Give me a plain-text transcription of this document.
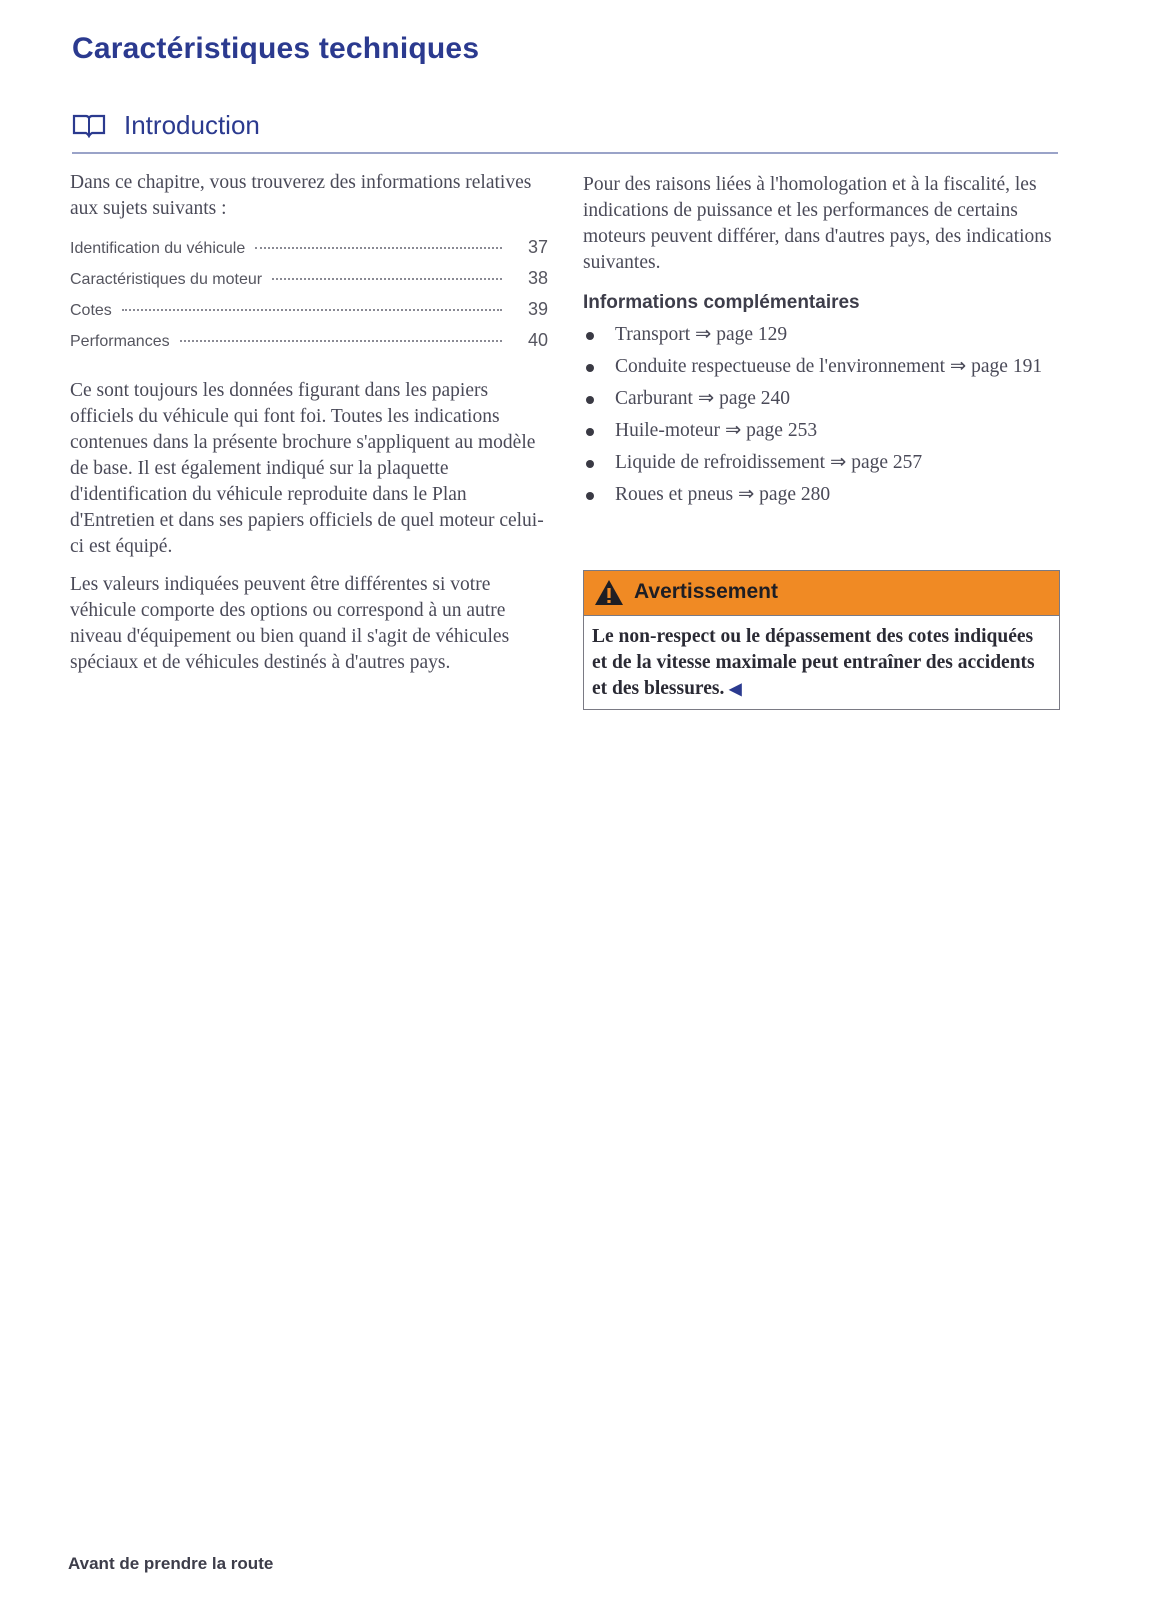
Caractéristiques techniques
Introduction

Dans ce chapitre, vous trouverez des informations relatives aux sujets suivants :

Identification du véhicule	37
Caractéristiques du moteur	38
Cotes	39
Performances	40

Ce sont toujours les données figurant dans les papiers officiels du véhicule qui font foi. Toutes les indications contenues dans la présente brochure s'appliquent au modèle de base. Il est également indiqué sur la plaquette d'identification du véhicule reproduite dans le Plan d'Entretien et dans ses papiers officiels de quel moteur celui-ci est équipé.

Les valeurs indiquées peuvent être différentes si votre véhicule comporte des options ou correspond à un autre niveau d'équipement ou bien quand il s'agit de véhicules spéciaux et de véhicules destinés à d'autres pays.

Pour des raisons liées à l'homologation et à la fiscalité, les indications de puissance et les performances de certains moteurs peuvent différer, dans d'autres pays, des indications suivantes.

Informations complémentaires
Transport ⇒ page 129
Conduite respectueuse de l'environnement ⇒ page 191
Carburant ⇒ page 240
Huile-moteur ⇒ page 253
Liquide de refroidissement ⇒ page 257
Roues et pneus ⇒ page 280
Avertissement
Le non-respect ou le dépassement des cotes indiquées et de la vitesse maximale peut entraîner des accidents et des blessures. ◀
Avant de prendre la route
